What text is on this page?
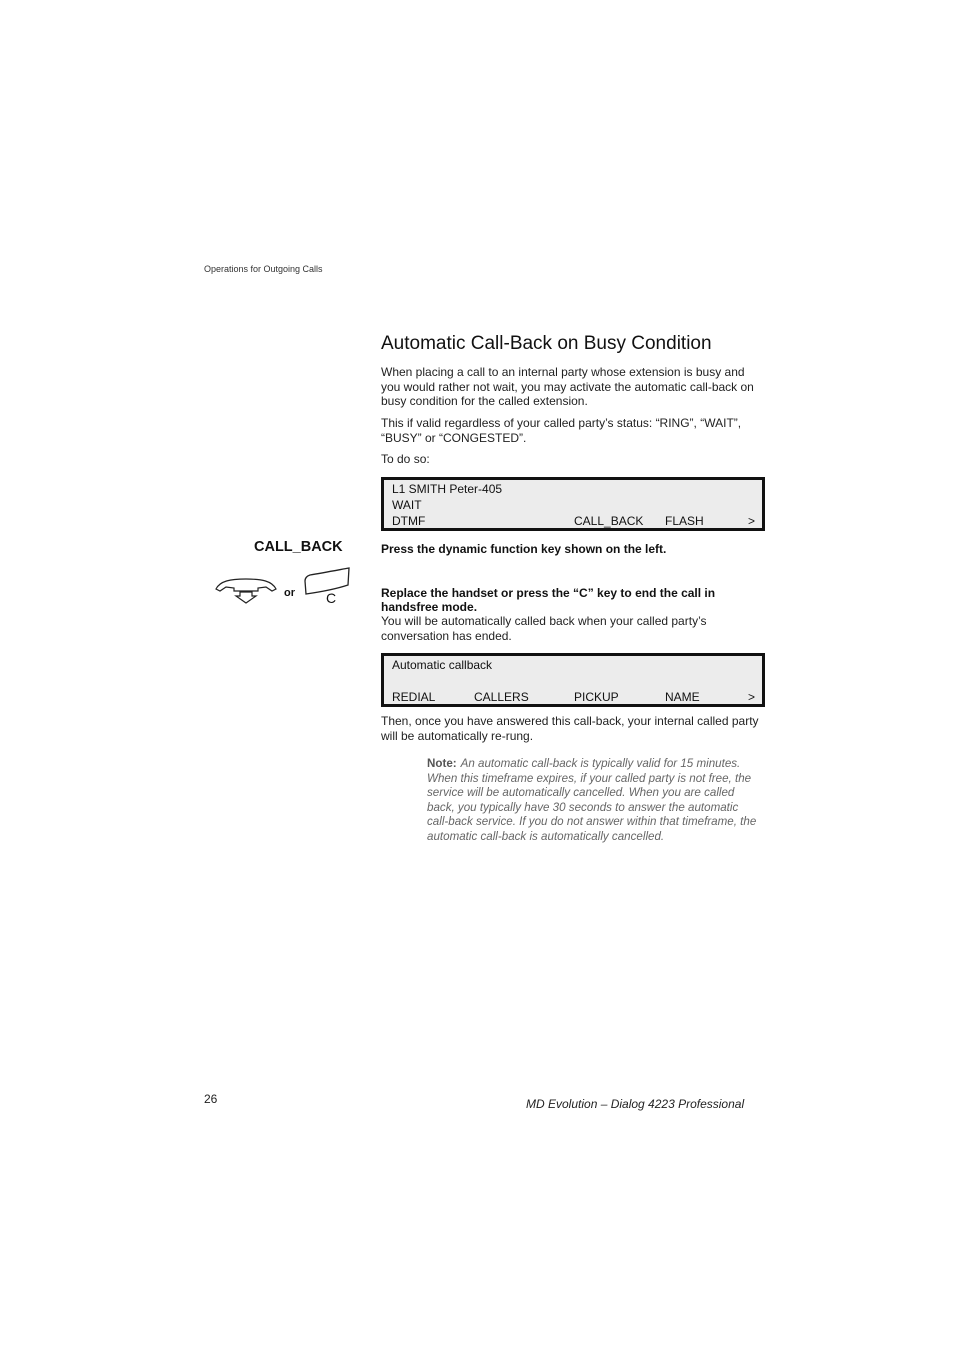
Operations for Outgoing Calls
Automatic Call-Back on Busy Condition
When placing a call to an internal party whose extension is busy and you would rather not wait, you may activate the automatic call-back on busy condition for the called extension.
This if valid regardless of your called party’s status: “RING”, “WAIT”, “BUSY” or “CONGESTED”.
To do so:
L1 SMITH Peter-405
WAIT
DTMF	CALL_BACK FLASH	>
CALL_BACK	Press the dynamic function key shown on the left.
or C	Replace the handset or press the “C” key to end the call in handsfree mode.
You will be automatically called back when your called party’s conversation has ended.
Automatic callback
REDIAL	CALLERS	PICKUP	NAME	>
Then, once you have answered this call-back, your internal called party will be automatically re-rung.
Note: An automatic call-back is typically valid for 15 minutes. When this timeframe expires, if your called party is not free, the service will be automatically cancelled. When you are called back, you typically have 30 seconds to answer the automatic call-back service. If you do not answer within that timeframe, the automatic call-back is automatically cancelled.
26	MD Evolution – Dialog 4223 Professional
